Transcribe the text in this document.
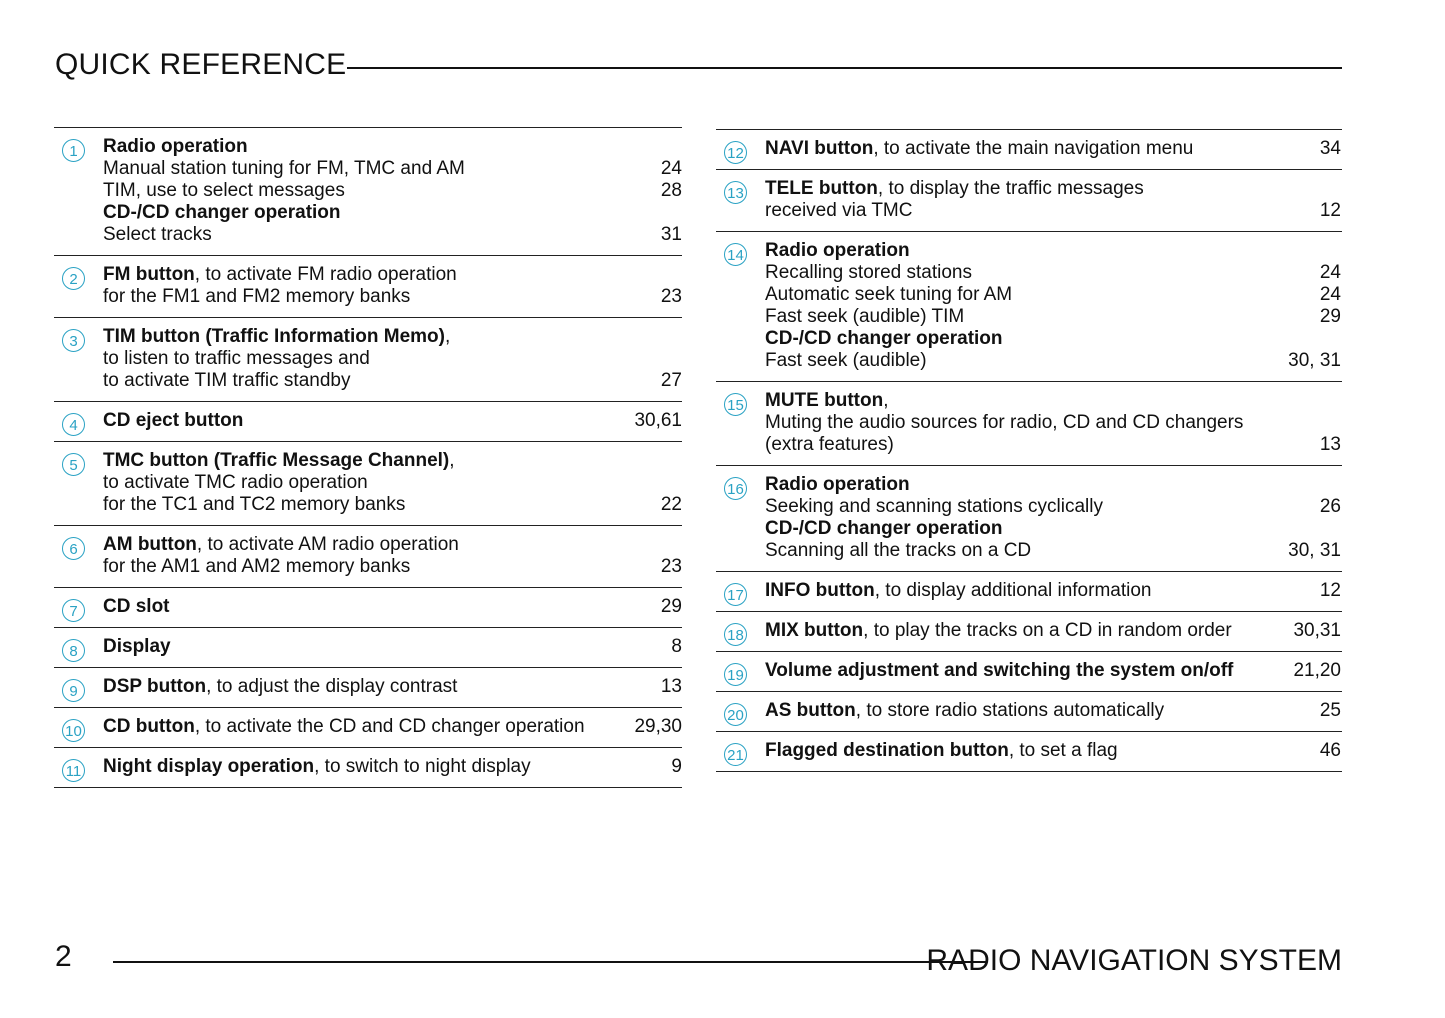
QUICK REFERENCE
1	Radio operation
Manual station tuning for FM, TMC and AM	24
TIM, use to select messages	28
CD-/CD changer operation
Select tracks	31
2	FM button, to activate FM radio operation
for the FM1 and FM2 memory banks	23
3	TIM button (Traffic Information Memo),
to listen to traffic messages and
to activate TIM traffic standby	27
4	CD eject button	30,61
5	TMC button (Traffic Message Channel),
to activate TMC radio operation
for the TC1 and TC2 memory banks	22
6	AM button, to activate AM radio operation
for the AM1 and AM2 memory banks	23
7	CD slot	29
8	Display	8
9	DSP button, to adjust the display contrast	13
10 CD button, to activate the CD and CD changer operation	29,30
11 Night display operation, to switch to night display	9
12 NAVI button, to activate the main navigation menu	34
13 TELE button, to display the traffic messages
received via TMC	12
14 Radio operation
Recalling stored stations	24
Automatic seek tuning for AM	24
Fast seek (audible) TIM	29
CD-/CD changer operation
Fast seek (audible)	30, 31
15 MUTE button,
Muting the audio sources for radio, CD and CD changers
(extra features)	13
16 Radio operation
Seeking and scanning stations cyclically	26
CD-/CD changer operation
Scanning all the tracks on a CD	30, 31
17 INFO button, to display additional information	12
18 MIX button, to play the tracks on a CD in random order	30,31
19 Volume adjustment and switching the system on/off	21,20
20 AS button, to store radio stations automatically	25
21 Flagged destination button, to set a flag	46
2	RADIO NAVIGATION SYSTEM
